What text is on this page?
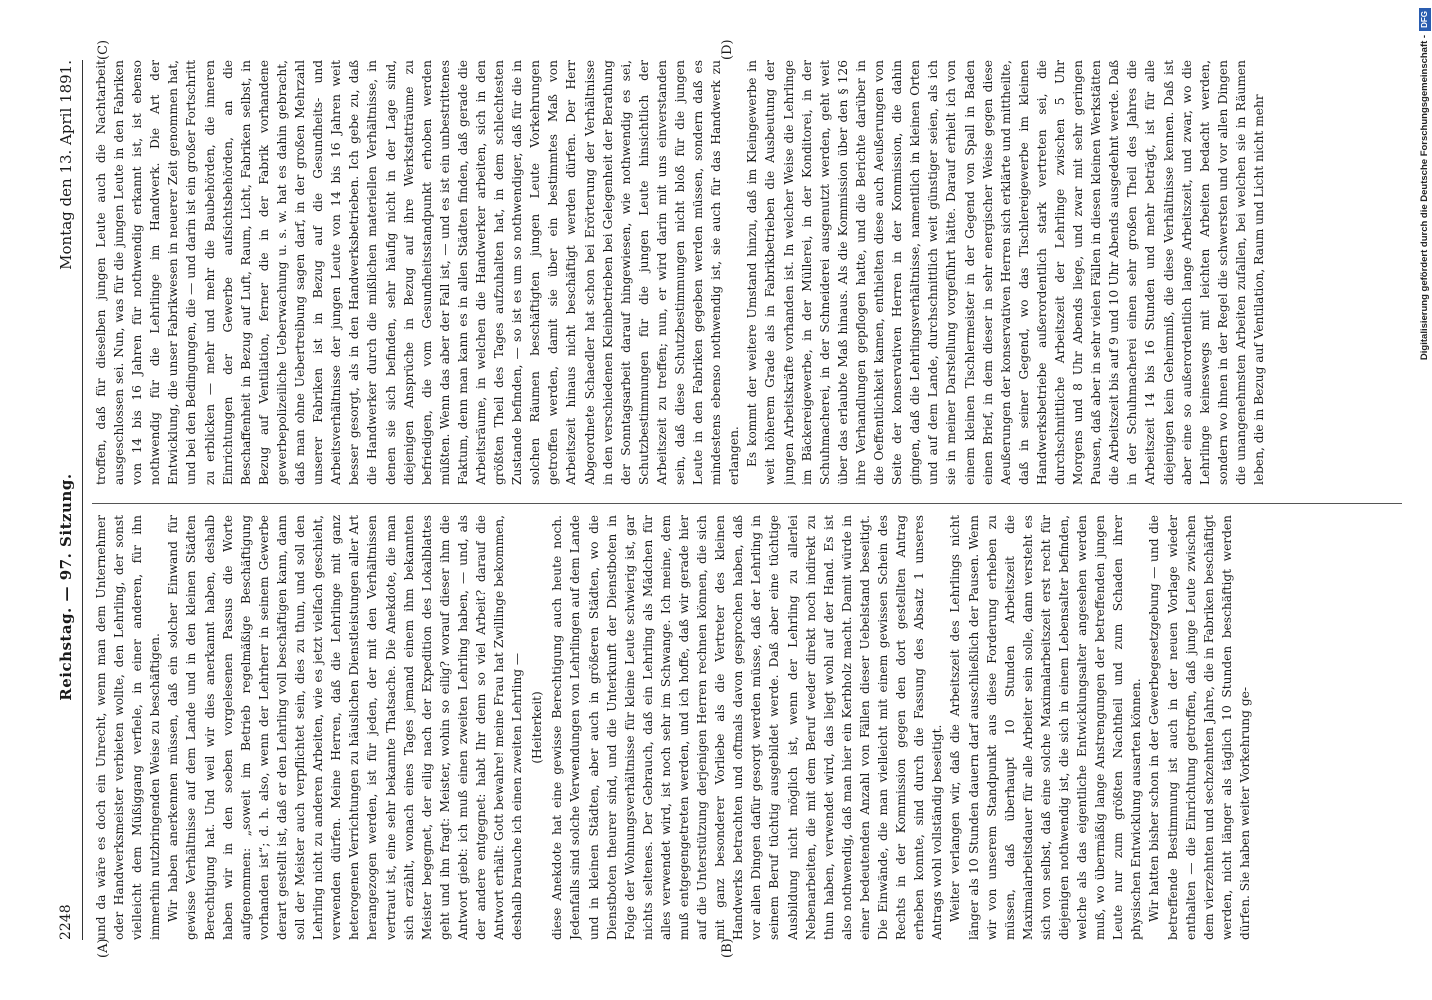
2248
Reichstag. — 97. Sitzung.
Montag den 13. April 1891.
(A)	(B)
(C)	(D)

und da wäre es doch ein Unrecht, wenn man dem Unternehmer oder Handwerksmeister verbieten wollte, den Lehrling, der sonst vielleicht dem Müßiggang verfiele, in einer anderen, für ihn immerhin nutzbringenden Weise zu beschäftigen. Wir haben anerkennen müssen, daß ein solcher Einwand für gewisse Verhältnisse auf dem Lande und in den kleinen Städten Berechtigung hat. Und weil wir dies anerkannt haben, deshalb haben wir in den soeben vorgelesenen Passus die Worte aufgenommen: „soweit im Betrieb regelmäßige Beschäftigung vorhanden ist“; d. h. also, wenn der Lehrherr in seinem Gewerbe derart gestellt ist, daß er den Lehrling voll beschäftigen kann, dann soll der Meister auch verpflichtet sein, dies zu thun, und soll den Lehrling nicht zu anderen Arbeiten, wie es jetzt vielfach geschieht, verwenden dürfen. Meine Herren, daß die Lehrlinge mit ganz heterogenen Verrichtungen zu häuslichen Dienstleistungen aller Art herangezogen werden, ist für jeden, der mit den Verhältnissen vertraut ist, eine sehr bekannte Thatsache. Die Anekdote, die man sich erzählt, wonach eines Tages jemand einem ihm bekannten Meister begegnet, der eilig nach der Expedition des Lokalblattes geht und ihn fragt: Meister, wohin so eilig? worauf dieser ihm die Antwort giebt: ich muß einen zweiten Lehrling haben, — und, als der andere entgegnet: habt Ihr denn so viel Arbeit? darauf die Antwort erhält: Gott bewahre! meine Frau hat Zwillinge bekommen, deshalb brauche ich einen zweiten Lehrling — (Heiterkeit) diese Anekdote hat eine gewisse Berechtigung auch heute noch. Jedenfalls sind solche Verwendungen von Lehrlingen auf dem Lande und in kleinen Städten, aber auch in größeren Städten, wo die Dienstboten theurer sind, und die Unterkunft der Dienstboten in Folge der Wohnungsverhältnisse für kleine Leute schwierig ist, gar nichts seltenes. Der Gebrauch, daß ein Lehrling als Mädchen für alles verwendet wird, ist noch sehr im Schwange. Ich meine, dem muß entgegengetreten werden, und ich hoffe, daß wir gerade hier auf die Unterstützung derjenigen Herren rechnen können, die sich mit ganz besonderer Vorliebe als die Vertreter des kleinen Handwerks betrachten und oftmals davon gesprochen haben, daß vor allen Dingen dafür gesorgt werden müsse, daß der Lehrling in seinem Beruf tüchtig ausgebildet werde. Daß aber eine tüchtige Ausbildung nicht möglich ist, wenn der Lehrling zu allerlei Nebenarbeiten, die mit dem Beruf weder direkt noch indirekt zu thun haben, verwendet wird, das liegt wohl auf der Hand. Es ist also nothwendig, daß man hier ein Kerbholz macht. Damit würde in einer bedeutenden Anzahl von Fällen dieser Uebelstand beseitigt. Die Einwände, die man vielleicht mit einem gewissen Schein des Rechts in der Kommission gegen den dort gestellten Antrag erheben konnte, sind durch die Fassung des Absatz 1 unseres Antrags wohl vollständig beseitigt. Weiter verlangen wir, daß die Arbeitszeit des Lehrlings nicht länger als 10 Stunden dauern darf ausschließlich der Pausen. Wenn wir von unserem Standpunkt aus diese Forderung erheben zu müssen, daß überhaupt 10 Stunden Arbeitszeit die Maximalarbeitsdauer für alle Arbeiter sein solle, dann versteht es sich von selbst, daß eine solche Maximalarbeitszeit erst recht für diejenigen nothwendig ist, die sich in einem Lebensalter befinden, welche als das eigentliche Entwicklungsalter angesehen werden muß, wo übermäßig lange Anstrengungen der betreffenden jungen Leute nur zum größten Nachtheil und zum Schaden ihrer physischen Entwicklung ausarten können. Wir hatten bisher schon in der Gewerbegesetzgebung — und die betreffende Bestimmung ist auch in der neuen Vorlage wieder enthalten — die Einrichtung getroffen, daß junge Leute zwischen dem vierzehnten und sechzehnten Jahre, die in Fabriken beschäftigt werden, nicht länger als täglich 10 Stunden beschäftigt werden dürfen. Sie haben weiter Vorkehrung ge-

troffen, daß für dieselben jungen Leute auch die Nachtarbeit ausgeschlossen sei. Nun, was für die jungen Leute in den Fabriken von 14 bis 16 Jahren für nothwendig erkannt ist, ist ebenso nothwendig für die Lehrlinge im Handwerk. Die Art der Entwicklung, die unser Fabrikwesen in neuerer Zeit genommen hat, und bei den Bedingungen, die — und darin ist ein großer Fortschritt zu erblicken — mehr und mehr die Baubehörden, die inneren Einrichtungen der Gewerbe aufsichtsbehörden, an die Beschaffenheit in Bezug auf Luft, Raum, Licht, Fabriken selbst, in Bezug auf Ventilation, ferner die in der Fabrik vorhandene gewerbepolizeiliche Ueberwachung u. s. w. hat es dahin gebracht, daß man ohne Uebertreibung sagen darf, in der großen Mehrzahl unserer Fabriken ist in Bezug auf die Gesundheits- und Arbeitsverhältnisse der jungen Leute von 14 bis 16 Jahren weit besser gesorgt, als in den Handwerksbetrieben. Ich gebe zu, daß die Handwerker durch die mißlichen materiellen Verhältnisse, in denen sie sich befinden, sehr häufig nicht in der Lage sind, diejenigen Ansprüche in Bezug auf ihre Werkstatträume zu befriedigen, die vom Gesundheitsstandpunkt erhoben werden müßten. Wenn das aber der Fall ist, — und es ist ein unbestrittenes Faktum, denn man kann es in allen Städten finden, daß gerade die Arbeitsräume, in welchen die Handwerker arbeiten, sich in den größten Theil des Tages aufzuhalten hat, in dem schlechtesten Zustande befinden, — so ist es um so nothwendiger, daß für die in solchen Räumen beschäftigten jungen Leute Vorkehrungen getroffen werden, damit sie über ein bestimmtes Maß von Arbeitszeit hinaus nicht beschäftigt werden dürfen. Der Herr Abgeordnete Schaedler hat schon bei Erörterung der Verhältnisse in den verschiedenen Kleinbetrieben bei Gelegenheit der Berathung der Sonntagsarbeit darauf hingewiesen, wie nothwendig es sei, Schutzbestimmungen für die jungen Leute hinsichtlich der Arbeitszeit zu treffen; nun, er wird darin mit uns einverstanden sein, daß diese Schutzbestimmungen nicht bloß für die jungen Leute in den Fabriken gegeben werden müssen, sondern daß es mindestens ebenso nothwendig ist, sie auch für das Handwerk zu erlangen. Es kommt der weitere Umstand hinzu, daß im Kleingewerbe in weit höherem Grade als in Fabrikbetrieben die Ausbeutung der jungen Arbeitskräfte vorhanden ist. In welcher Weise die Lehrlinge im Bäckereigewerbe, in der Müllerei, in der Konditorei, in der Schuhmacherei, in der Schneiderei ausgenutzt werden, geht weit über das erlaubte Maß hinaus. Als die Kommission über den § 126 ihre Verhandlungen gepflogen hatte, und die Berichte darüber in die Oeffentlichkeit kamen, enthielten diese auch Aeußerungen von Seite der konservativen Herren in der Kommission, die dahin gingen, daß die Lehrlingsverhältnisse, namentlich in kleinen Orten und auf dem Lande, durchschnittlich weit günstiger seien, als ich sie in meiner Darstellung vorgeführt hätte. Darauf erhielt ich von einem kleinen Tischlermeister in der Gegend von Spall in Baden einen Brief, in dem dieser in sehr energischer Weise gegen diese Aeußerungen der konservativen Herren sich erklärte und mittheilte, daß in seiner Gegend, wo das Tischlereigewerbe im kleinen Handwerksbetriebe außerordentlich stark vertreten sei, die durchschnittliche Arbeitszeit der Lehrlinge zwischen 5 Uhr Morgens und 8 Uhr Abends liege, und zwar mit sehr geringen Pausen, daß aber in sehr vielen Fällen in diesen kleinen Werkstätten die Arbeitszeit bis auf 9 und 10 Uhr Abends ausgedehnt werde. Daß in der Schuhmacherei einen sehr großen Theil des Jahres die Arbeitszeit 14 bis 16 Stunden und mehr beträgt, ist für alle diejenigen kein Geheimniß, die diese Verhältnisse kennen. Daß ist aber eine so außerordentlich lange Arbeitszeit, und zwar, wo die Lehrlinge keineswegs mit leichten Arbeiten bedacht werden, sondern wo ihnen in der Regel die schwersten und vor allen Dingen die unangenehmsten Arbeiten zufallen, bei welchen sie in Räumen leben, die in Bezug auf Ventilation, Raum und Licht nicht mehr	Digitalisierung gefördert durch die Deutsche Forschungsgemeinschaft -DFG
